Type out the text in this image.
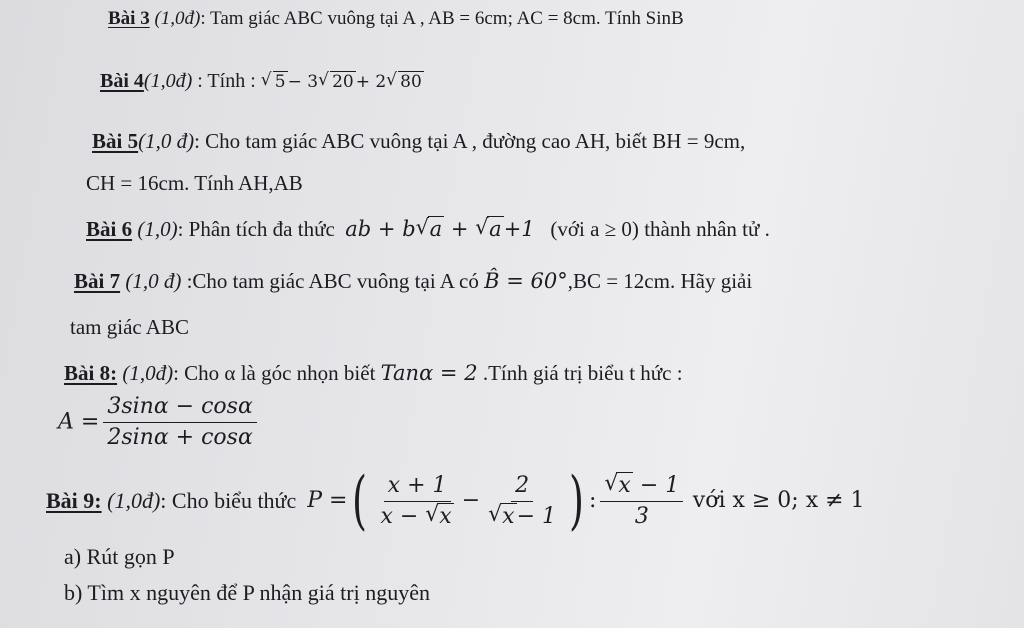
Bài 3 (1,0đ): Tam giác ABC vuông tại A , AB = 6cm; AC = 8cm. Tính SinB
Bài 4(1,0đ) : Tính : √ 5 − 3 √ 20 + 2 √ 80
Bài 5(1,0 đ): Cho tam giác ABC vuông tại A , đường cao AH, biết BH = 9cm,
CH = 16cm. Tính AH,AB
Bài 6 (1,0): Phân tích đa thức ab + b √ a + √ a+1 (với a ≥ 0) thành nhân tử .
Bài 7 (1,0 đ) :Cho tam giác ABC vuông tại A có B̂ = 60°,BC = 12cm. Hãy giải
tam giác ABC
Bài 8: (1,0đ): Cho α là góc nhọn biết Tanα = 2 .Tính giá trị biểu t hức :
$A = \frac{3\sin\alpha - \cos\alpha}{2\sin\alpha + \cos\alpha}$
Bài 9:
(1,0đ) : Cho biểu thức
P = ( $\frac{x + 1}{x - √ x} - 2$
√ x− 1 ) : √ $\frac{x - 1}{3}$
với x ≥ 0; x ≠ 1
a) Rút gọn P
b) Tìm x nguyên để P nhận giá trị nguyên
